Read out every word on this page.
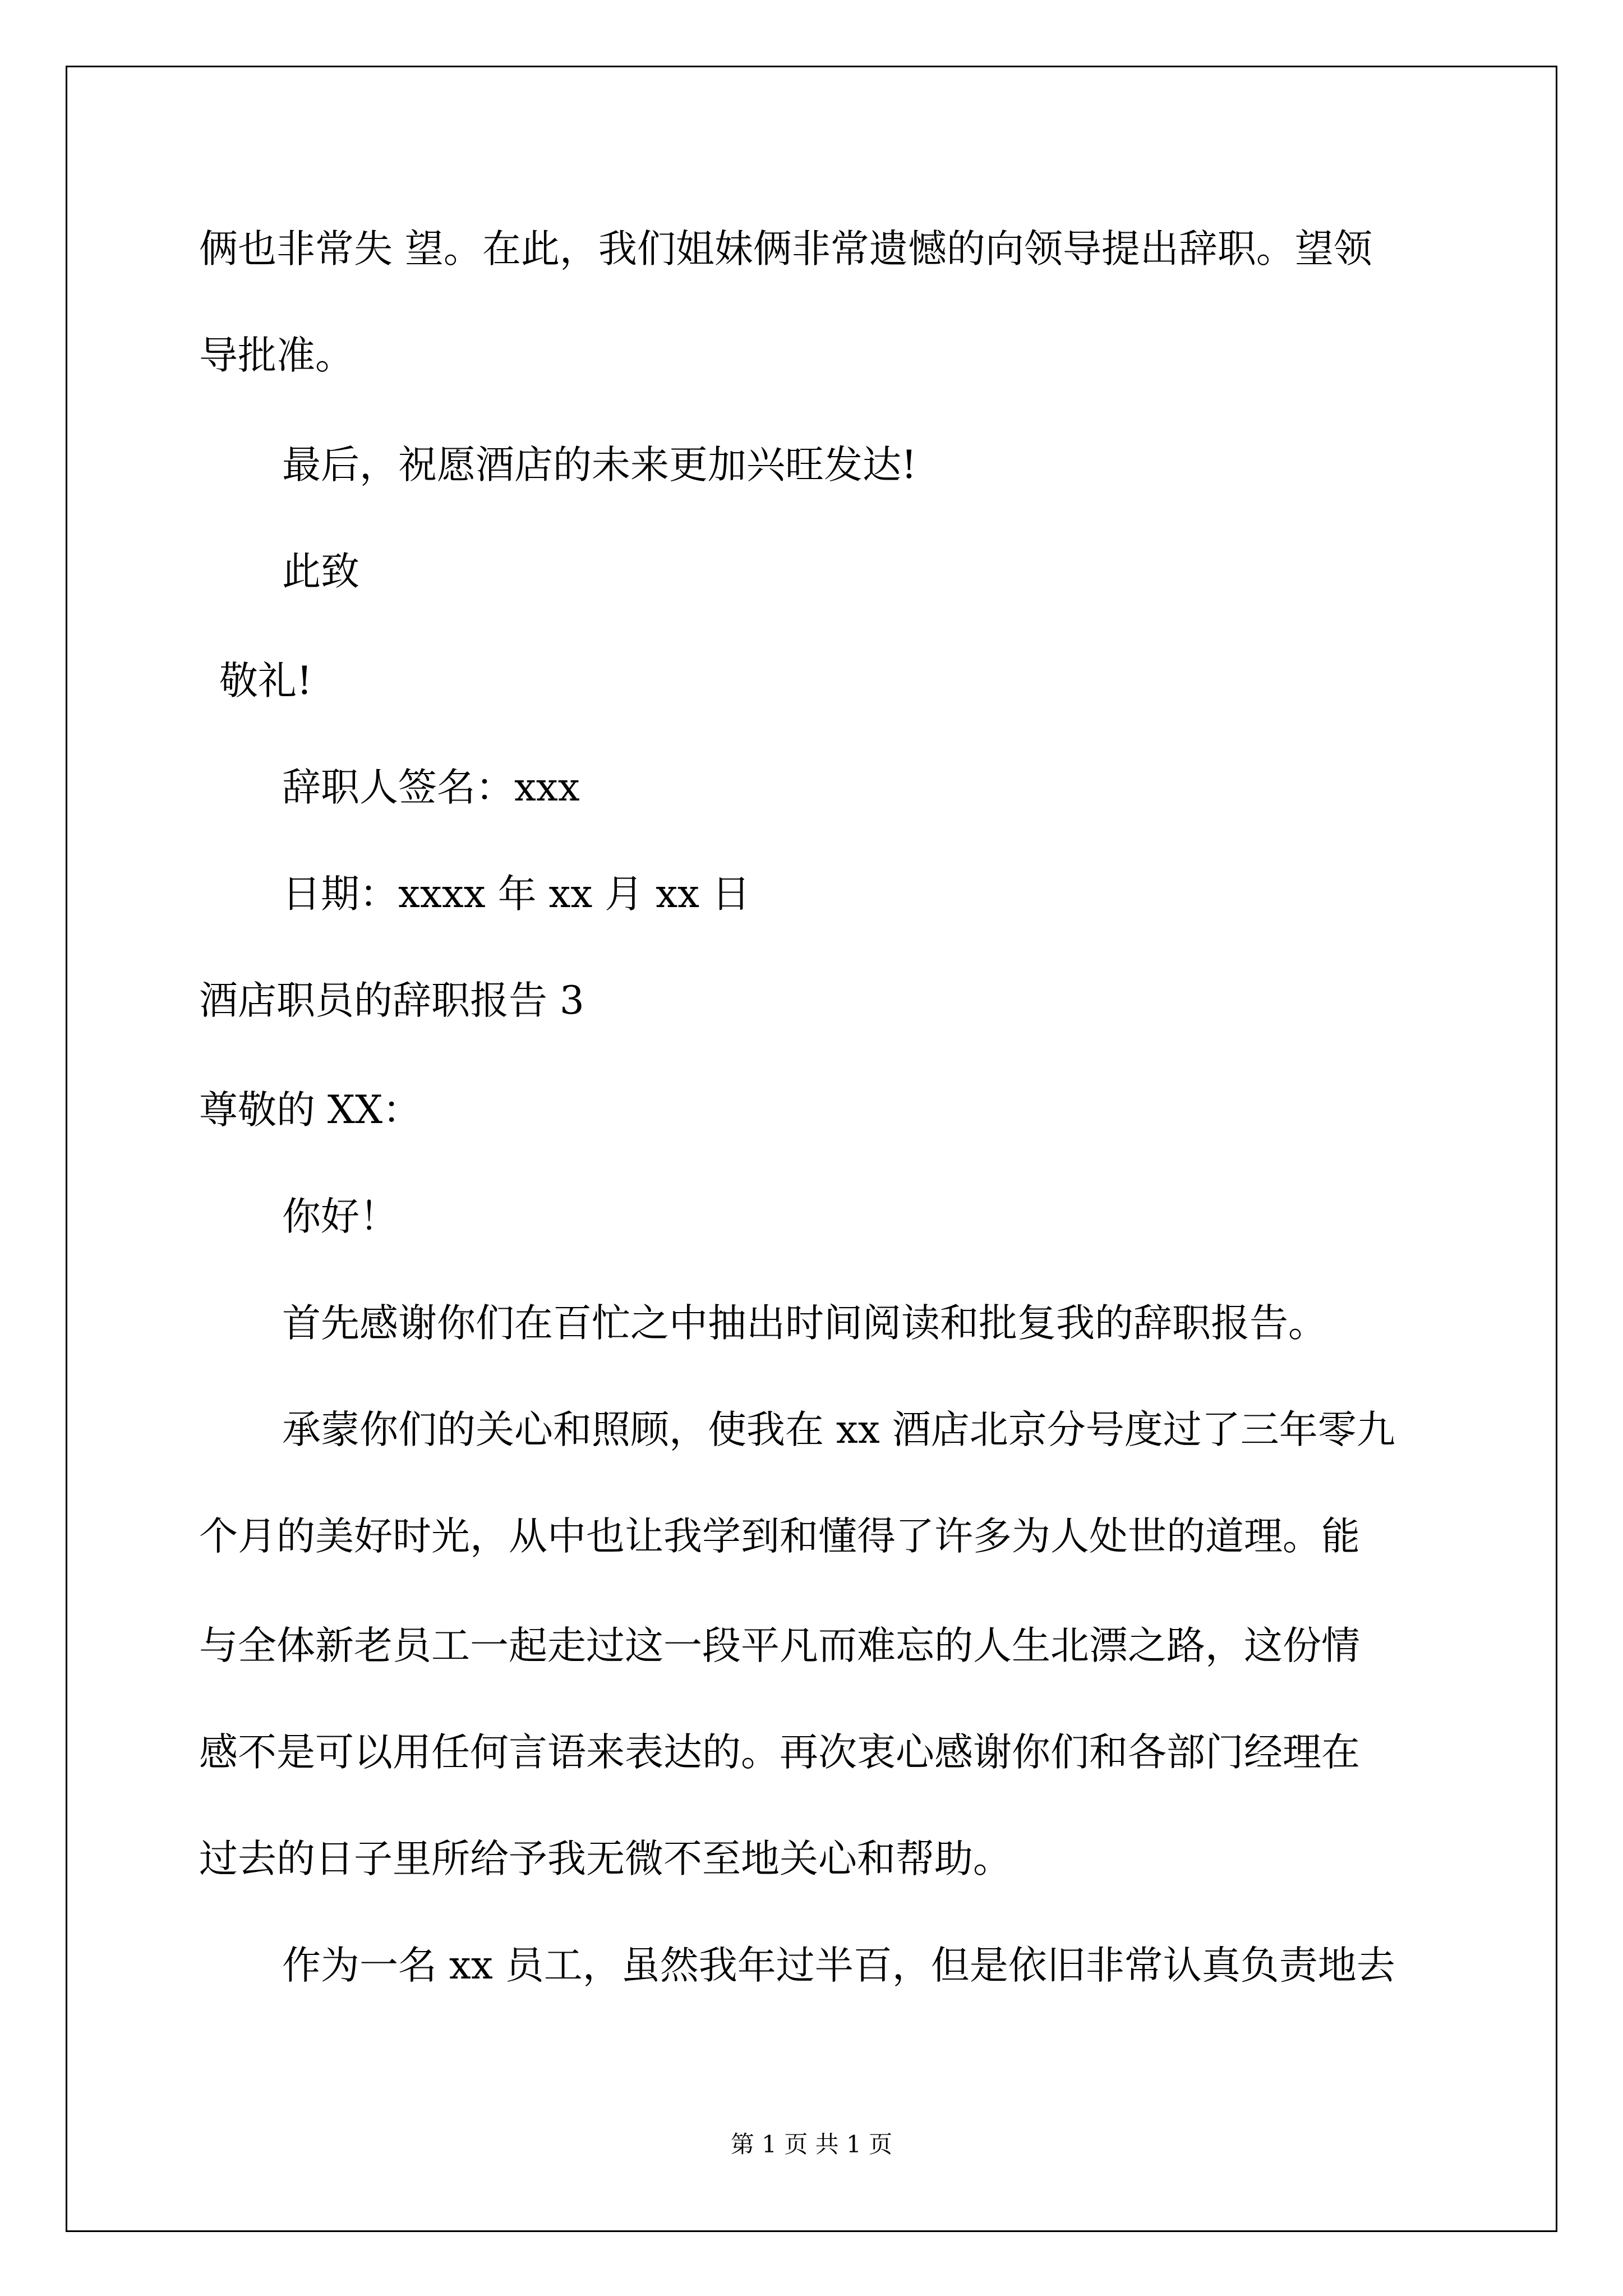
俩也非常失 望。在此，我们姐妹俩非常遗憾的向领导提出辞职。望领
导批准。
最后，祝愿酒店的未来更加兴旺发达!
此致
敬礼!
辞职人签名：xxx
日期：xxxx 年 xx 月 xx 日
酒店职员的辞职报告 3
尊敬的 XX：
你好！
首先感谢你们在百忙之中抽出时间阅读和批复我的辞职报告。
承蒙你们的关心和照顾，使我在 xx 酒店北京分号度过了三年零九
个月的美好时光，从中也让我学到和懂得了许多为人处世的道理。能
与全体新老员工一起走过这一段平凡而难忘的人生北漂之路，这份情
感不是可以用任何言语来表达的。再次衷心感谢你们和各部门经理在
过去的日子里所给予我无微不至地关心和帮助。
作为一名 xx 员工，虽然我年过半百，但是依旧非常认真负责地去
第 1 页 共 1 页
